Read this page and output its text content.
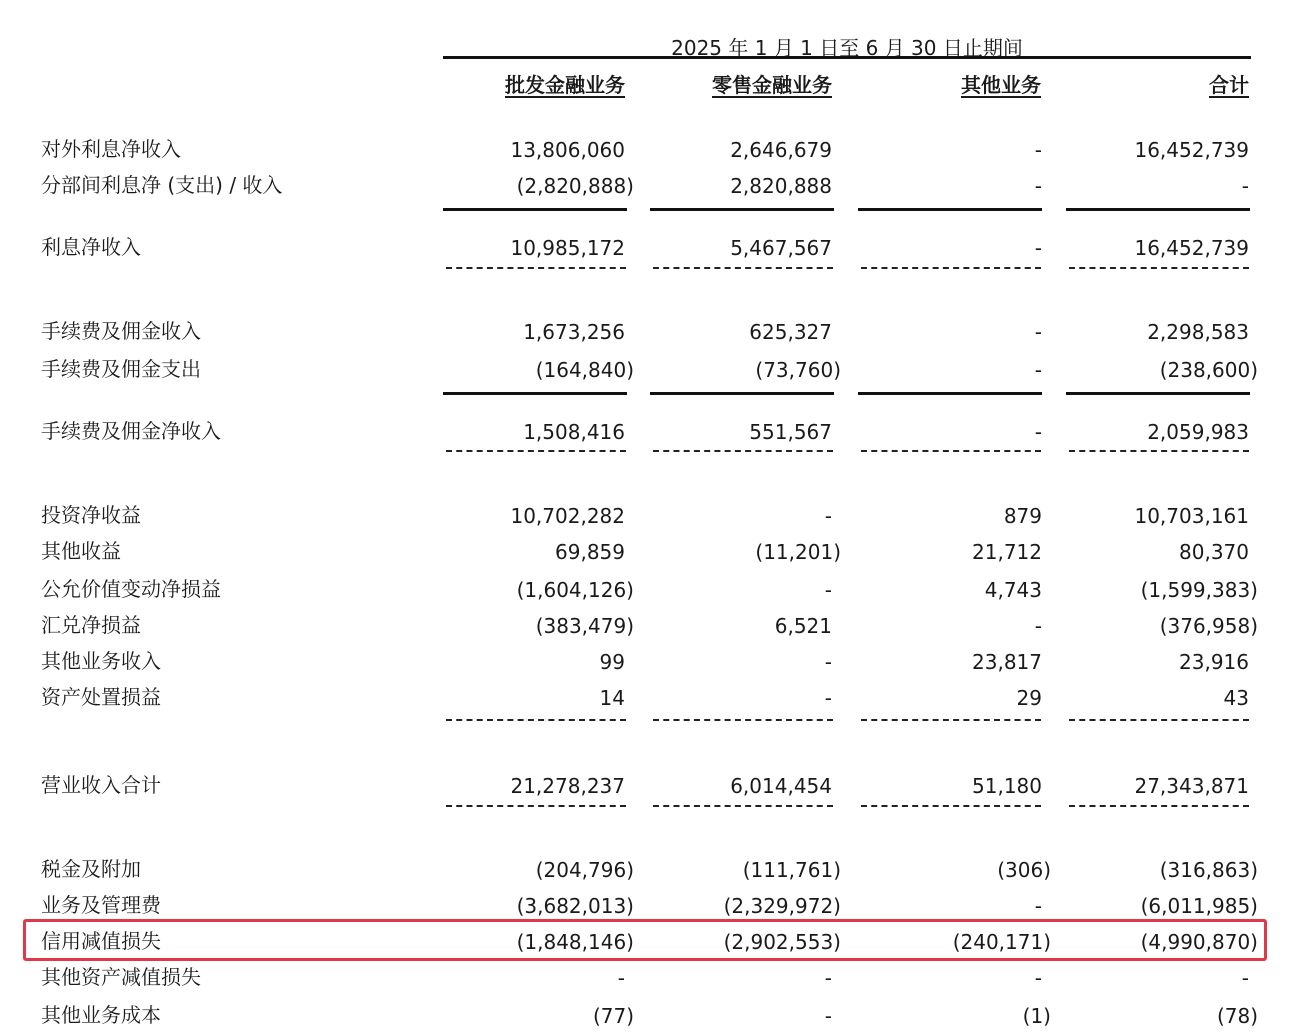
2025 年 1 月 1 日至 6 月 30 日止期间
批发金融业务	零售金融业务	其他业务	合计
对外利息净收入	13,806,060	2,646,679	-	16,452,739
分部间利息净 (支出) / 收入	(2,820,888)	2,820,888	-	-
利息净收入	10,985,172	5,467,567	-	16,452,739
手续费及佣金收入	1,673,256	625,327	-	2,298,583
手续费及佣金支出	(164,840)	(73,760)	-	(238,600)
手续费及佣金净收入	1,508,416	551,567	-	2,059,983
投资净收益	10,702,282	-	879	10,703,161
其他收益	69,859	(11,201)	21,712	80,370
公允价值变动净损益	(1,604,126)	-	4,743	(1,599,383)
汇兑净损益	(383,479)	6,521	-	(376,958)
其他业务收入	99	-	23,817	23,916
资产处置损益	14	-	29	43
营业收入合计	21,278,237	6,014,454	51,180	27,343,871
税金及附加	(204,796)	(111,761)	(306)	(316,863)
业务及管理费	(3,682,013)	(2,329,972)	-	(6,011,985)
信用减值损失	(1,848,146)	(2,902,553)	(240,171)	(4,990,870)
其他资产减值损失	-	-	-	-
其他业务成本	(77)	-	(1)	(78)
